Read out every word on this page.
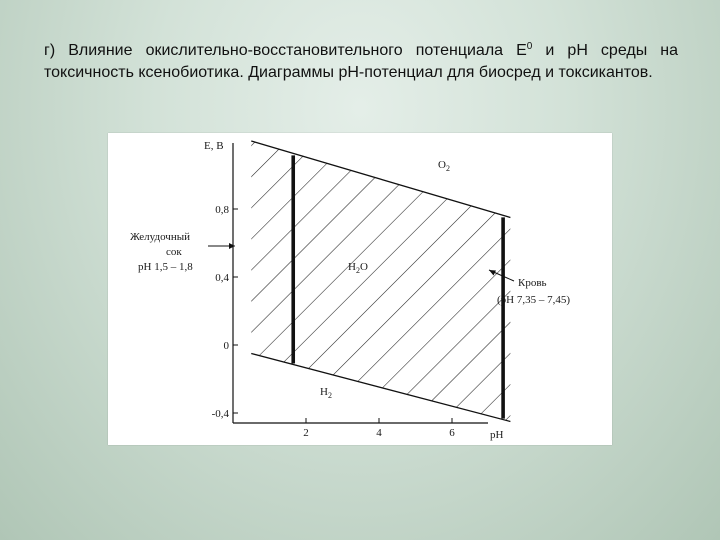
г) Влияние окислительно-восстановительного потенциала $E^0$ и pH среды на токсичность ксенобиотика. Диаграммы pH-потенциал для биосред и токсикантов.

0,8
0,4
0
-0,4
2	4	6
E, B
pH
$O_2$
$H_2O$
$H_2$
Желудочный
сок
pH 1,5 – 1,8
Кровь
(pH 7,35 – 7,45)
